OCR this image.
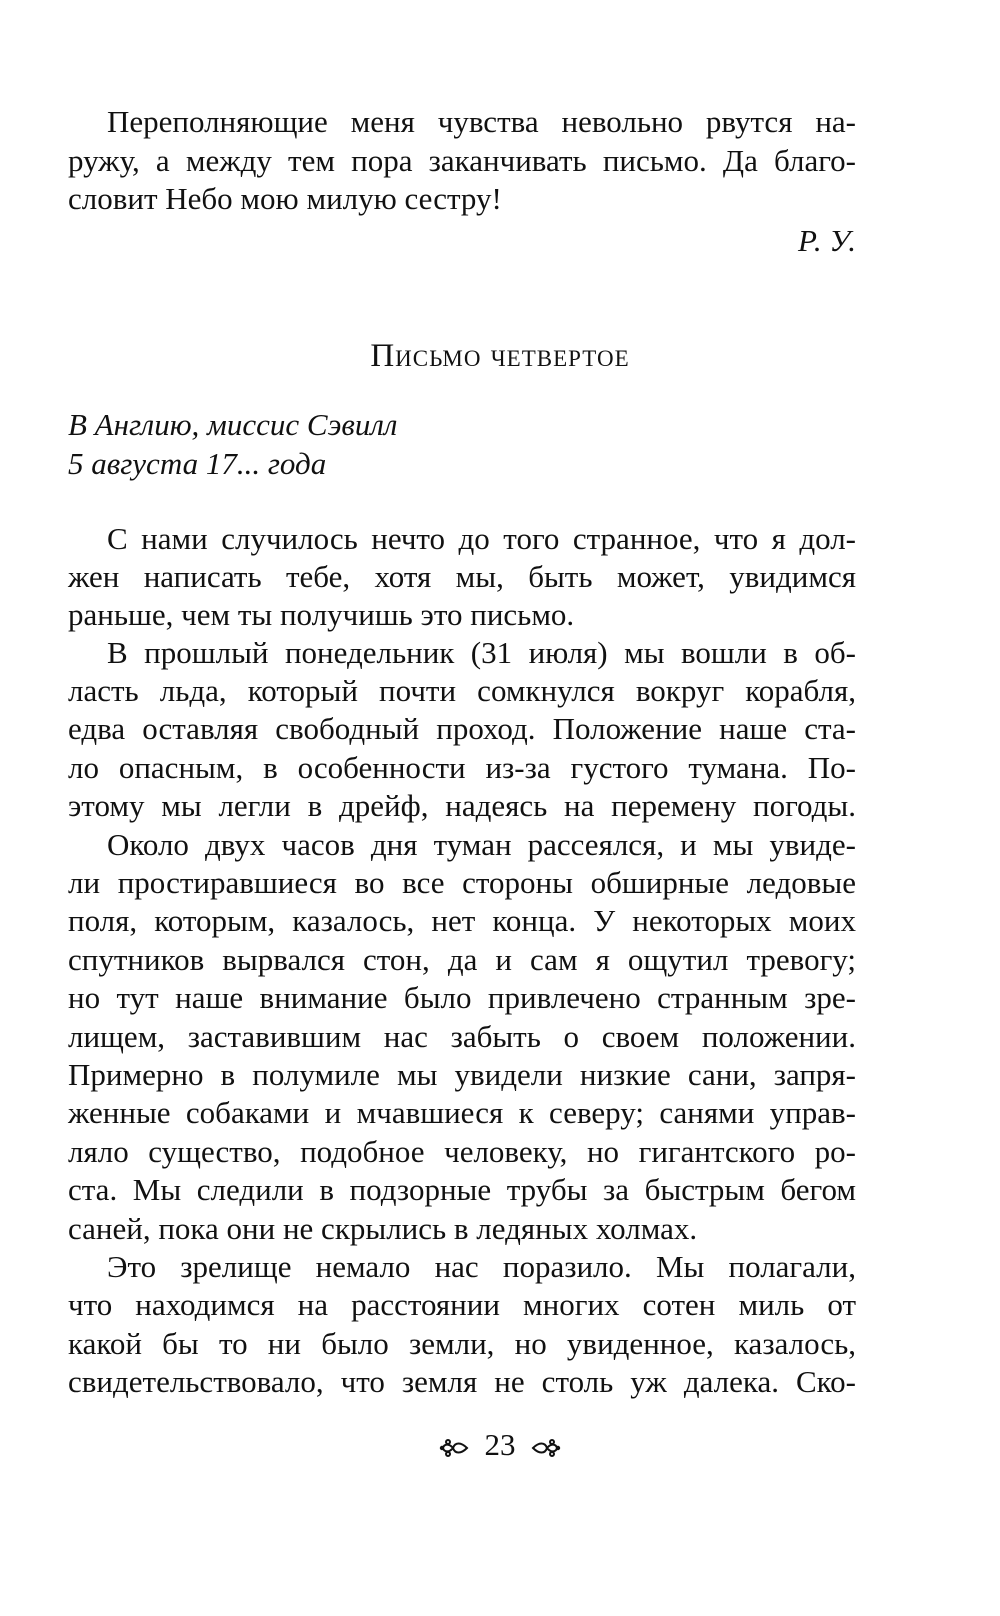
Переполняющие меня чувства невольно рвутся на-
ружу, а между тем пора заканчивать письмо. Да благо-
словит Небо мою милую сестру!
Р. У.
Письмо четвертое
В Англию, миссис Сэвилл
5 августа 17... года
С нами случилось нечто до того странное, что я дол-
жен написать тебе, хотя мы, быть может, увидимся
раньше, чем ты получишь это письмо.
В прошлый понедельник (31 июля) мы вошли в об-
ласть льда, который почти сомкнулся вокруг корабля,
едва оставляя свободный проход. Положение наше ста-
ло опасным, в особенности из-за густого тумана. По-
этому мы легли в дрейф, надеясь на перемену погоды.
Около двух часов дня туман рассеялся, и мы увиде-
ли простиравшиеся во все стороны обширные ледовые
поля, которым, казалось, нет конца. У некоторых моих
спутников вырвался стон, да и сам я ощутил тревогу;
но тут наше внимание было привлечено странным зре-
лищем, заставившим нас забыть о своем положении.
Примерно в полумиле мы увидели низкие сани, запря-
женные собаками и мчавшиеся к северу; санями управ-
ляло существо, подобное человеку, но гигантского ро-
ста. Мы следили в подзорные трубы за быстрым бегом
саней, пока они не скрылись в ледяных холмах.
Это зрелище немало нас поразило. Мы полагали,
что находимся на расстоянии многих сотен миль от
какой бы то ни было земли, но увиденное, казалось,
свидетельствовало, что земля не столь уж далека. Ско-
23
